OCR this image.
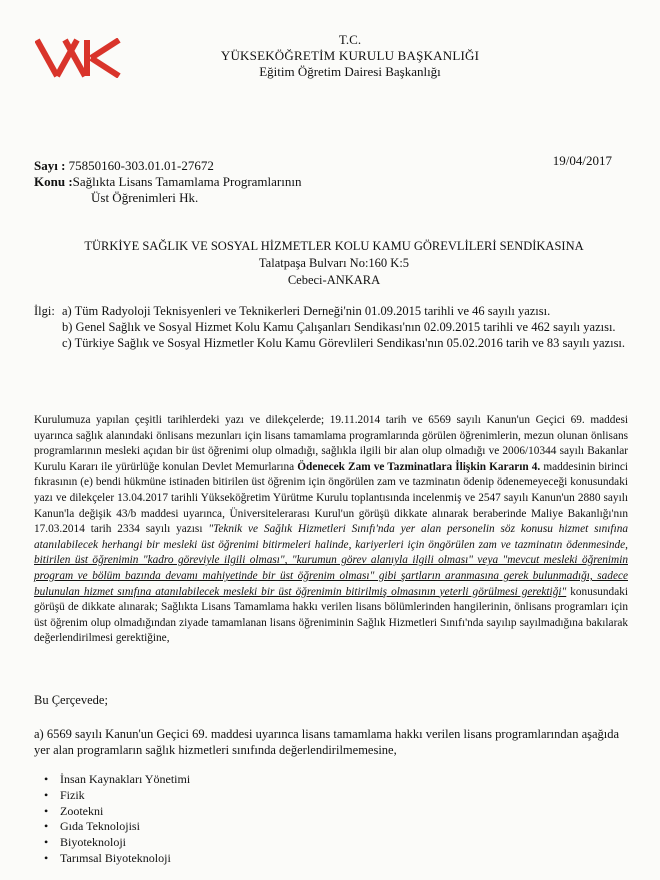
T.C.
YÜKSEKÖĞRETİM KURULU BAŞKANLIĞI
Eğitim Öğretim Dairesi Başkanlığı
19/04/2017
Sayı : 75850160-303.01.01-27672
Konu :Sağlıkta Lisans Tamamlama Programlarının
Üst Öğrenimleri Hk.
TÜRKİYE SAĞLIK VE SOSYAL HİZMETLER KOLU KAMU GÖREVLİLERİ SENDİKASINA
Talatpaşa Bulvarı No:160 K:5
Cebeci-ANKARA
İlgi: a) Tüm Radyoloji Teknisyenleri ve Teknikerleri Derneği'nin 01.09.2015 tarihli ve 46 sayılı yazısı.
b) Genel Sağlık ve Sosyal Hizmet Kolu Kamu Çalışanları Sendikası'nın 02.09.2015 tarihli ve 462 sayılı yazısı.
c) Türkiye Sağlık ve Sosyal Hizmetler Kolu Kamu Görevlileri Sendikası'nın 05.02.2016 tarih ve 83 sayılı yazısı.
Kurulumuza yapılan çeşitli tarihlerdeki yazı ve dilekçelerde; 19.11.2014 tarih ve 6569 sayılı Kanun'un Geçici 69. maddesi uyarınca sağlık alanındaki önlisans mezunları için lisans tamamlama programlarında görülen öğrenimlerin, mezun olunan önlisans programlarının mesleki açıdan bir üst öğrenimi olup olmadığı, sağlıkla ilgili bir alan olup olmadığı ve 2006/10344 sayılı Bakanlar Kurulu Kararı ile yürürlüğe konulan Devlet Memurlarına Ödenecek Zam ve Tazminatlara İlişkin Kararın 4. maddesinin birinci fıkrasının (e) bendi hükmüne istinaden bitirilen üst öğrenim için öngörülen zam ve tazminatın ödenip ödenemeyeceği konusundaki yazı ve dilekçeler 13.04.2017 tarihli Yükseköğretim Yürütme Kurulu toplantısında incelenmiş ve 2547 sayılı Kanun'un 2880 sayılı Kanun'la değişik 43/b maddesi uyarınca, Üniversitelerarası Kurul'un görüşü dikkate alınarak beraberinde Maliye Bakanlığı'nın 17.03.2014 tarih 2334 sayılı yazısı "Teknik ve Sağlık Hizmetleri Sınıfı'nda yer alan personelin söz konusu hizmet sınıfına atanılabilecek herhangi bir mesleki üst öğrenimi bitirmeleri halinde, kariyerleri için öngörülen zam ve tazminatın ödenmesinde, bitirilen üst öğrenimin "kadro göreviyle ilgili olması", "kurumun görev alanıyla ilgili olması" veya "mevcut mesleki öğrenimin program ve bölüm bazında devamı mahiyetinde bir üst öğrenim olması" gibi şartların aranmasına gerek bulunmadığı, sadece bulunulan hizmet sınıfına atanılabilecek mesleki bir üst öğrenimin bitirilmiş olmasının yeterli görülmesi gerektiği" konusundaki görüşü de dikkate alınarak; Sağlıkta Lisans Tamamlama hakkı verilen lisans bölümlerinden hangilerinin, önlisans programları için üst öğrenim olup olmadığından ziyade tamamlanan lisans öğreniminin Sağlık Hizmetleri Sınıfı'nda sayılıp sayılmadığına bakılarak değerlendirilmesi gerektiğine,
Bu Çerçevede;
a) 6569 sayılı Kanun'un Geçici 69. maddesi uyarınca lisans tamamlama hakkı verilen lisans programlarından aşağıda yer alan programların sağlık hizmetleri sınıfında değerlendirilmemesine,
• İnsan Kaynakları Yönetimi
• Fizik
• Zootekni
• Gıda Teknolojisi
• Biyoteknoloji
• Tarımsal Biyoteknoloji
